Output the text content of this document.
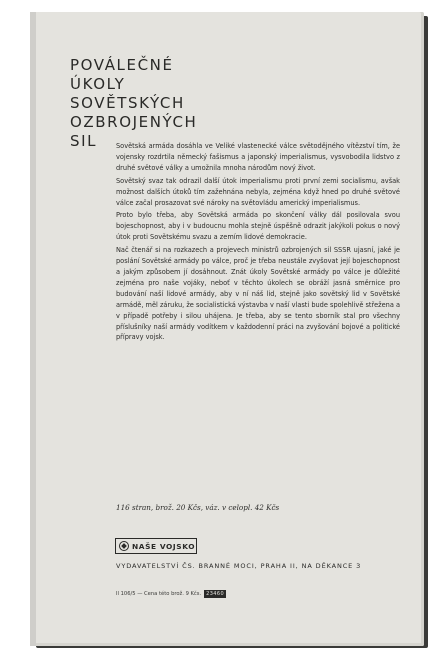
POVÁLEČNÉ
ÚKOLY
SOVĚTSKÝCH
OZBROJENÝCH
SIL	Sovětská armáda dosáhla ve Veliké vlastenecké válce světodějného vítězství tím, že vojensky rozdrtila německý fašismus a japonský imperialismus, vysvobodila lidstvo z druhé světové války a umožnila mnoha národům nový život.

Sovětský svaz tak odrazil další útok imperialismu proti první zemi socialismu, avšak možnost dalších útoků tím zažehnána nebyla, zejména když hned po druhé světové válce začal prosazovat své nároky na světovládu americký imperialismus.

Proto bylo třeba, aby Sovětská armáda po skončení války dál posilovala svou bojeschopnost, aby i v budoucnu mohla stejně úspěšně odrazit jakýkoli pokus o nový útok proti Sovětskému svazu a zemím lidové demokracie.

Nač čtenář si na rozkazech a projevech ministrů ozbrojených sil SSSR ujasní, jaké je poslání Sovětské armády po válce, proč je třeba neustále zvyšovat její bojeschopnost a jakým způsobem jí dosáhnout. Znát úkoly Sovětské armády po válce je důležité zejména pro naše vojáky, neboť v těchto úkolech se obráží jasná směrnice pro budování naší lidové armády, aby v ní náš lid, stejně jako sovětský lid v Sovětské armádě, měl záruku, že socialistická výstavba v naší vlasti bude spolehlivě střežena a v případě potřeby i silou uhájena. Je třeba, aby se tento sborník stal pro všechny příslušníky naší armády vodítkem v každodenní práci na zvyšování bojové a politické přípravy vojsk.

116 stran, brož. 20 Kčs, váz. v celopl. 42 Kčs
NAŠE VOJSKO
VYDAVATELSTVÍ ČS. BRANNÉ MOCI, PRAHA II, NA DĚKANCE 3
Il 106/5 — Cena této brož. 9 Kčs.	23460
